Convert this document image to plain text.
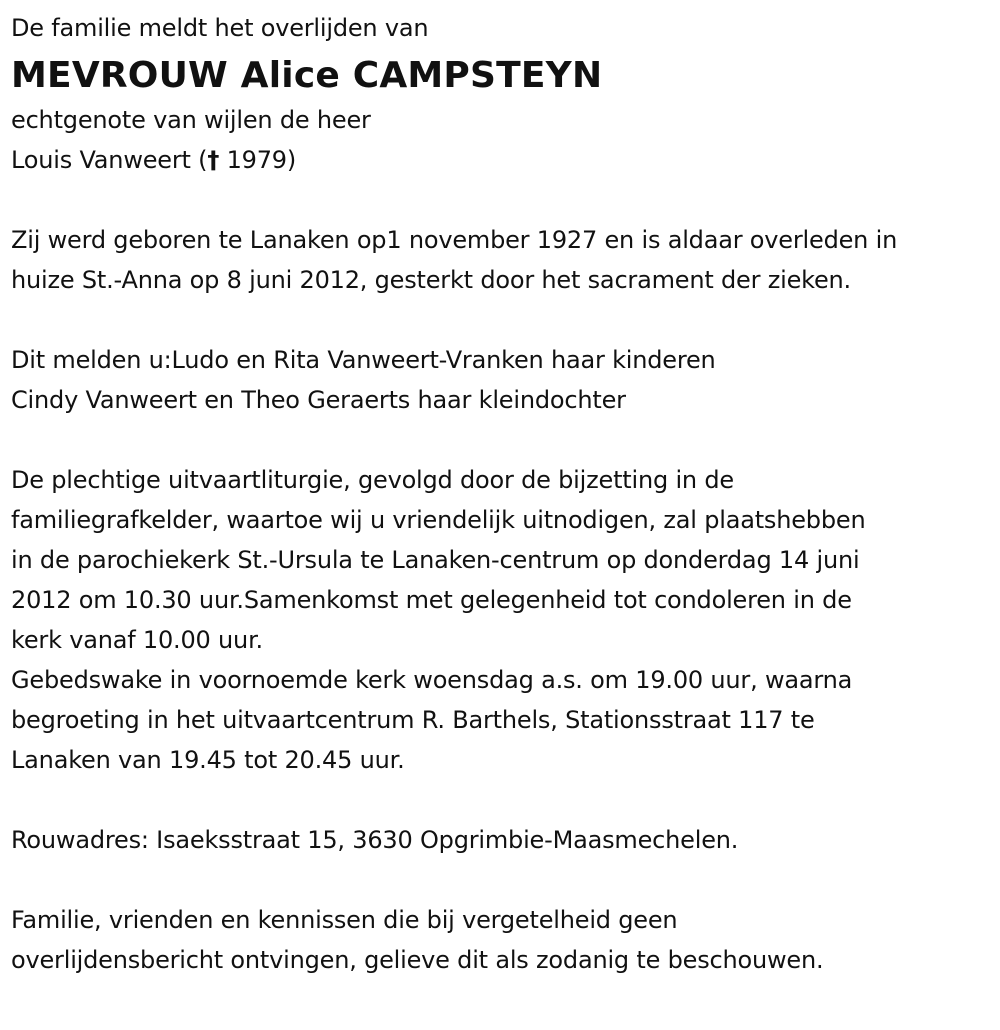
De familie meldt het overlijden van
MEVROUW Alice CAMPSTEYN
echtgenote van wijlen de heer
Louis Vanweert († 1979)
Zij werd geboren te Lanaken op1 november 1927 en is aldaar overleden in
huize St.-Anna op 8 juni 2012, gesterkt door het sacrament der zieken.
Dit melden u:Ludo en Rita Vanweert-Vranken haar kinderen
Cindy Vanweert en Theo Geraerts haar kleindochter
De plechtige uitvaartliturgie, gevolgd door de bijzetting in de
familiegrafkelder, waartoe wij u vriendelijk uitnodigen, zal plaatshebben
in de parochiekerk St.-Ursula te Lanaken-centrum op donderdag 14 juni
2012 om 10.30 uur.Samenkomst met gelegenheid tot condoleren in de
kerk vanaf 10.00 uur.
Gebedswake in voornoemde kerk woensdag a.s. om 19.00 uur, waarna
begroeting in het uitvaartcentrum R. Barthels, Stationsstraat 117 te
Lanaken van 19.45 tot 20.45 uur.
Rouwadres: Isaeksstraat 15, 3630 Opgrimbie-Maasmechelen.
Familie, vrienden en kennissen die bij vergetelheid geen
overlijdensbericht ontvingen, gelieve dit als zodanig te beschouwen.
